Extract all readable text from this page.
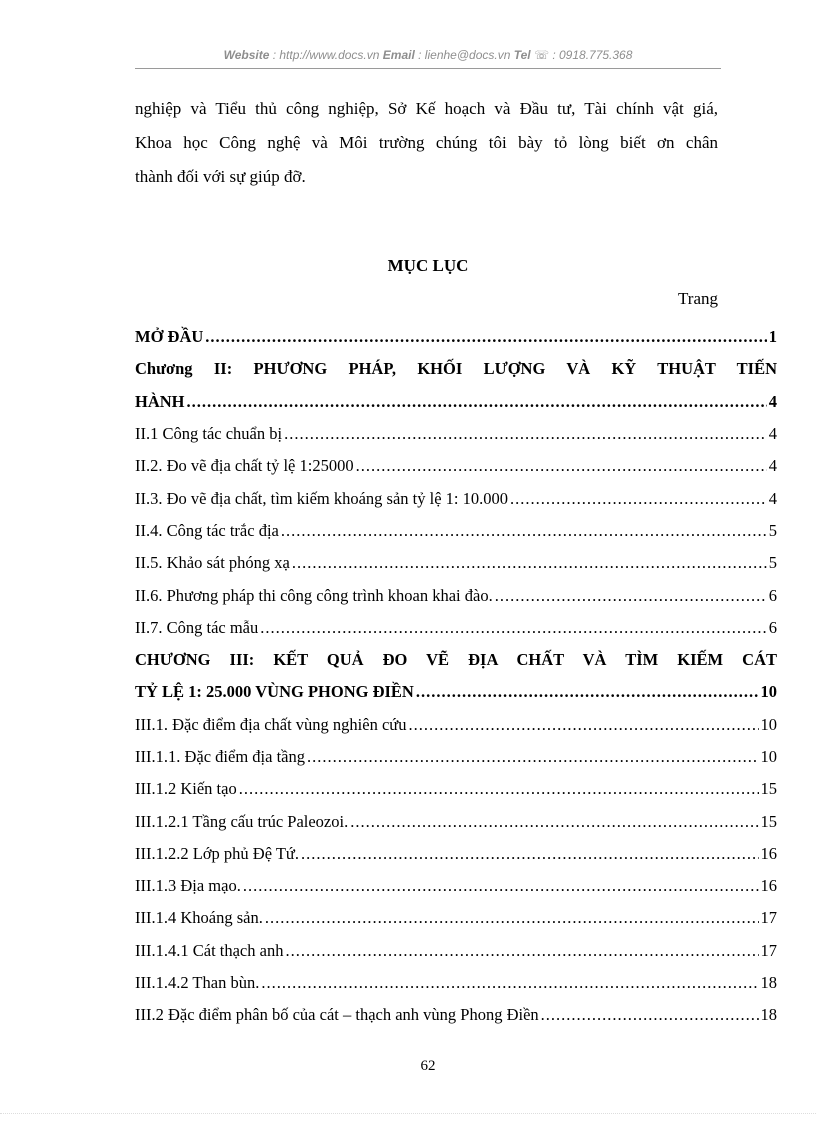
Website : http://www.docs.vn Email : lienhe@docs.vn Tel ☏ : 0918.775.368
nghiệp và Tiểu thủ công nghiệp, Sở Kế hoạch và Đầu tư, Tài chính vật giá,
Khoa học Công nghệ và Môi trường chúng tôi bày tỏ lòng biết ơn chân
thành đối với sự giúp đỡ.
MỤC LỤC
Trang
MỞ ĐẦU .....	1
Chương II: PHƯƠNG PHÁP, KHỐI LƯỢNG VÀ KỸ THUẬT TIẾN
HÀNH .....	4
II.1 Công tác chuẩn bị .....	4
II.2. Đo vẽ địa chất tỷ lệ 1:25000 .....	4
II.3. Đo vẽ địa chất, tìm kiếm khoáng sản tỷ lệ 1: 10.000 .....	4
II.4. Công tác trắc địa .....	5
II.5. Khảo sát phóng xạ .....	5
II.6. Phương pháp thi công công trình khoan khai đào. .....	6
II.7. Công tác mẫu .....	6
CHƯƠNG III: KẾT QUẢ ĐO VẼ ĐỊA CHẤT VÀ TÌM KIẾM CÁT
TỶ LỆ 1: 25.000 VÙNG PHONG ĐIỀN .....	10
III.1. Đặc điểm địa chất vùng nghiên cứu .....	10
III.1.1. Đặc điểm địa tầng .....	10
III.1.2 Kiến tạo .....	15
III.1.2.1 Tầng cấu trúc Paleozoi. .....	15
III.1.2.2 Lớp phủ Đệ Tứ. .....	16
III.1.3 Địa mạo. .....	16
III.1.4 Khoáng sản. .....	17
III.1.4.1 Cát thạch anh .....	17
III.1.4.2 Than bùn. .....	18
III.2 Đặc điểm phân bố của cát – thạch anh vùng Phong Điền .....	18
62
